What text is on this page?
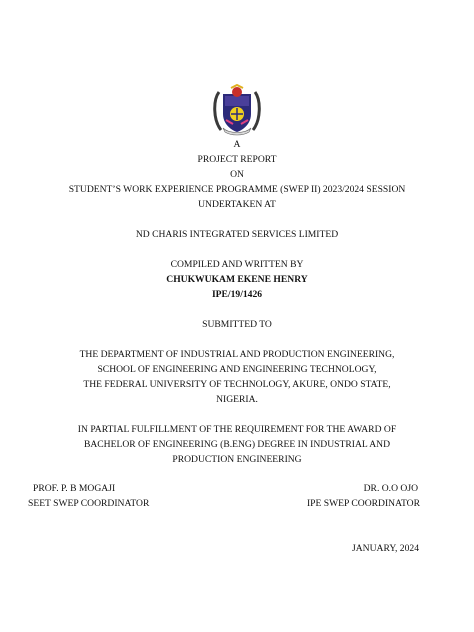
A
PROJECT REPORT
ON
STUDENT’S WORK EXPERIENCE PROGRAMME (SWEP II) 2023/2024 SESSION
UNDERTAKEN AT
ND CHARIS INTEGRATED SERVICES LIMITED
COMPILED AND WRITTEN BY
CHUKWUKAM EKENE HENRY
IPE/19/1426
SUBMITTED TO
THE DEPARTMENT OF INDUSTRIAL AND PRODUCTION ENGINEERING,
SCHOOL OF ENGINEERING AND ENGINEERING TECHNOLOGY,
THE FEDERAL UNIVERSITY OF TECHNOLOGY, AKURE, ONDO STATE,
NIGERIA.
IN PARTIAL FULFILLMENT OF THE REQUIREMENT FOR THE AWARD OF
BACHELOR OF ENGINEERING (B.ENG) DEGREE IN INDUSTRIAL AND
PRODUCTION ENGINEERING
PROF. P. B MOGAJI
SEET SWEP COORDINATOR
DR. O.O OJO
IPE SWEP COORDINATOR
JANUARY, 2024
